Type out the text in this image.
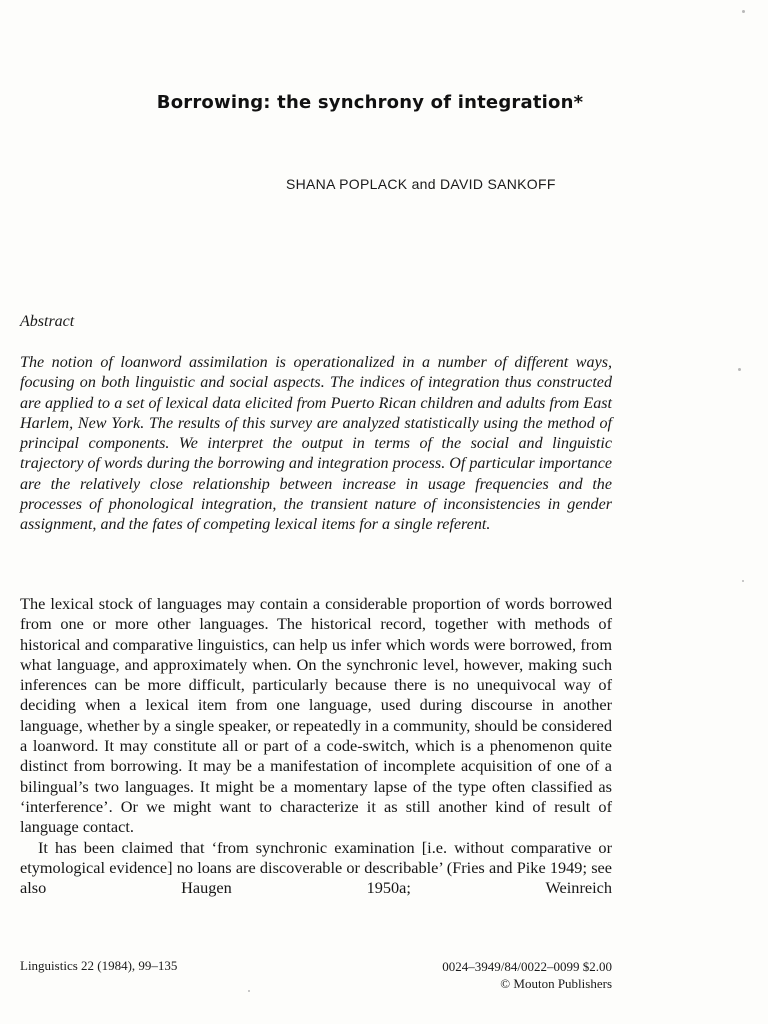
Borrowing: the synchrony of integration*
SHANA POPLACK and DAVID SANKOFF
Abstract

The notion of loanword assimilation is operationalized in a number of different ways, focusing on both linguistic and social aspects. The indices of integration thus constructed are applied to a set of lexical data elicited from Puerto Rican children and adults from East Harlem, New York. The results of this survey are analyzed statistically using the method of principal components. We interpret the output in terms of the social and linguistic trajectory of words during the borrowing and integration process. Of particular importance are the relatively close relationship between increase in usage frequencies and the processes of phonological integration, the transient nature of inconsistencies in gender assignment, and the fates of competing lexical items for a single referent.

The lexical stock of languages may contain a considerable proportion of words borrowed from one or more other languages. The historical record, together with methods of historical and comparative linguistics, can help us infer which words were borrowed, from what language, and approximately when. On the synchronic level, however, making such inferences can be more difficult, particularly because there is no unequivocal way of deciding when a lexical item from one language, used during discourse in another language, whether by a single speaker, or repeatedly in a community, should be considered a loanword. It may constitute all or part of a code-switch, which is a phenomenon quite distinct from borrowing. It may be a manifestation of incomplete acquisition of one of a bilingual’s two languages. It might be a momentary lapse of the type often classified as ‘interference’. Or we might want to characterize it as still another kind of result of language contact.

It has been claimed that ‘from synchronic examination [i.e. without comparative or etymological evidence] no loans are discoverable or describable’ (Fries and Pike 1949; see also Haugen 1950a; Weinreich

Linguistics 22 (1984), 99–135	0024–3949/84/0022–0099 $2.00
© Mouton Publishers
